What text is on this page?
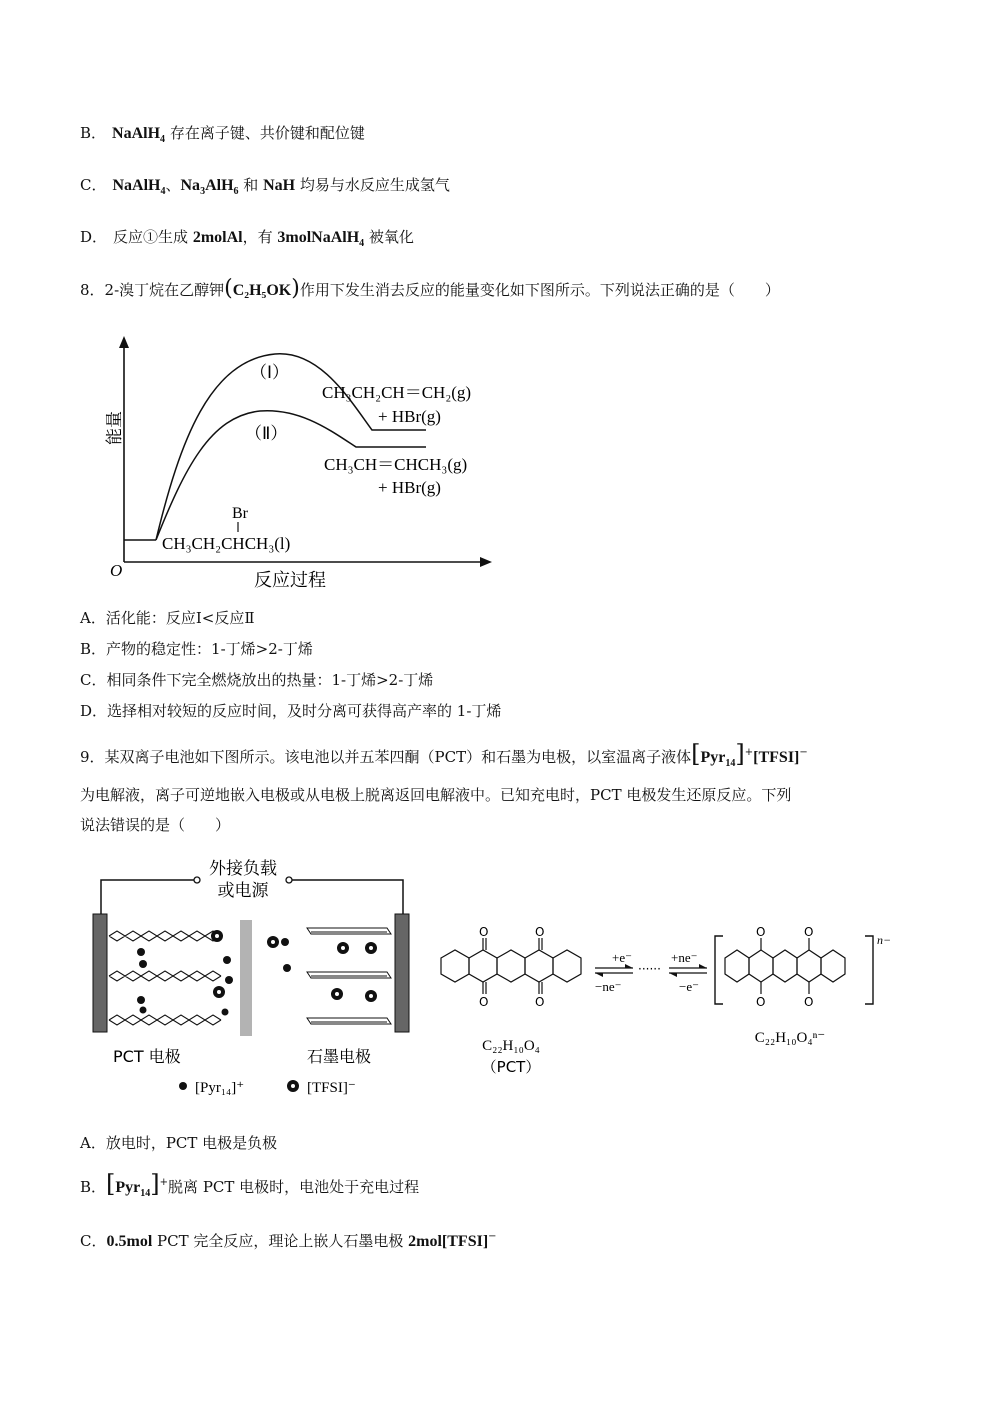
B． NaAlH$_4$ 存在离子键、共价键和配位键
C． NaAlH$_4$、$Na_3AlH_6$ 和 NaH 均易与水反应生成氢气
D． 反应①生成 2molAl，有 3molNaAlH$_4$ 被氧化
8．2-溴丁烷在乙醇钾(C₂H₅OK)作用下发生消去反应的能量变化如下图所示。下列说法正确的是（　　）
能量
反应过程
O
（Ⅰ）
（Ⅱ）
CH₃CH₂CH＝CH₂(g)
+ HBr(g)
CH₃CH＝CHCH₃(g)
+ HBr(g)
Br
CH₃CH₂CHCH₃(l)
A．活化能：反应Ⅰ<反应Ⅱ
B．产物的稳定性：1-丁烯>2-丁烯
C．相同条件下完全燃烧放出的热量：1-丁烯>2-丁烯
D．选择相对较短的反应时间，及时分离可获得高产率的 1-丁烯
9．某双离子电池如下图所示。该电池以并五苯四酮（PCT）和石墨为电极，以室温离子液体[Pyr$_{14}$]+[TFSI]−
为电解液，离子可逆地嵌入电极或从电极上脱离返回电解液中。已知充电时，PCT 电极发生还原反应。下列
说法错误的是（　　）
外接负载
或电源
PCT 电极	石墨电极
[Pyr₁₄]⁺	[TFSI]⁻
O
O
O
O
C₂₂H₁₀O₄
（PCT）
+e⁻
−ne⁻
······
+ne⁻
−e⁻
O
O
O
O
n−
C₂₂H₁₀O₄ⁿ⁻
A．放电时，PCT 电极是负极
B．[Pyr$_{14}$]+脱离 PCT 电极时，电池处于充电过程
C．0.5mol PCT 完全反应，理论上嵌人石墨电极 2mol[TFSI]−
